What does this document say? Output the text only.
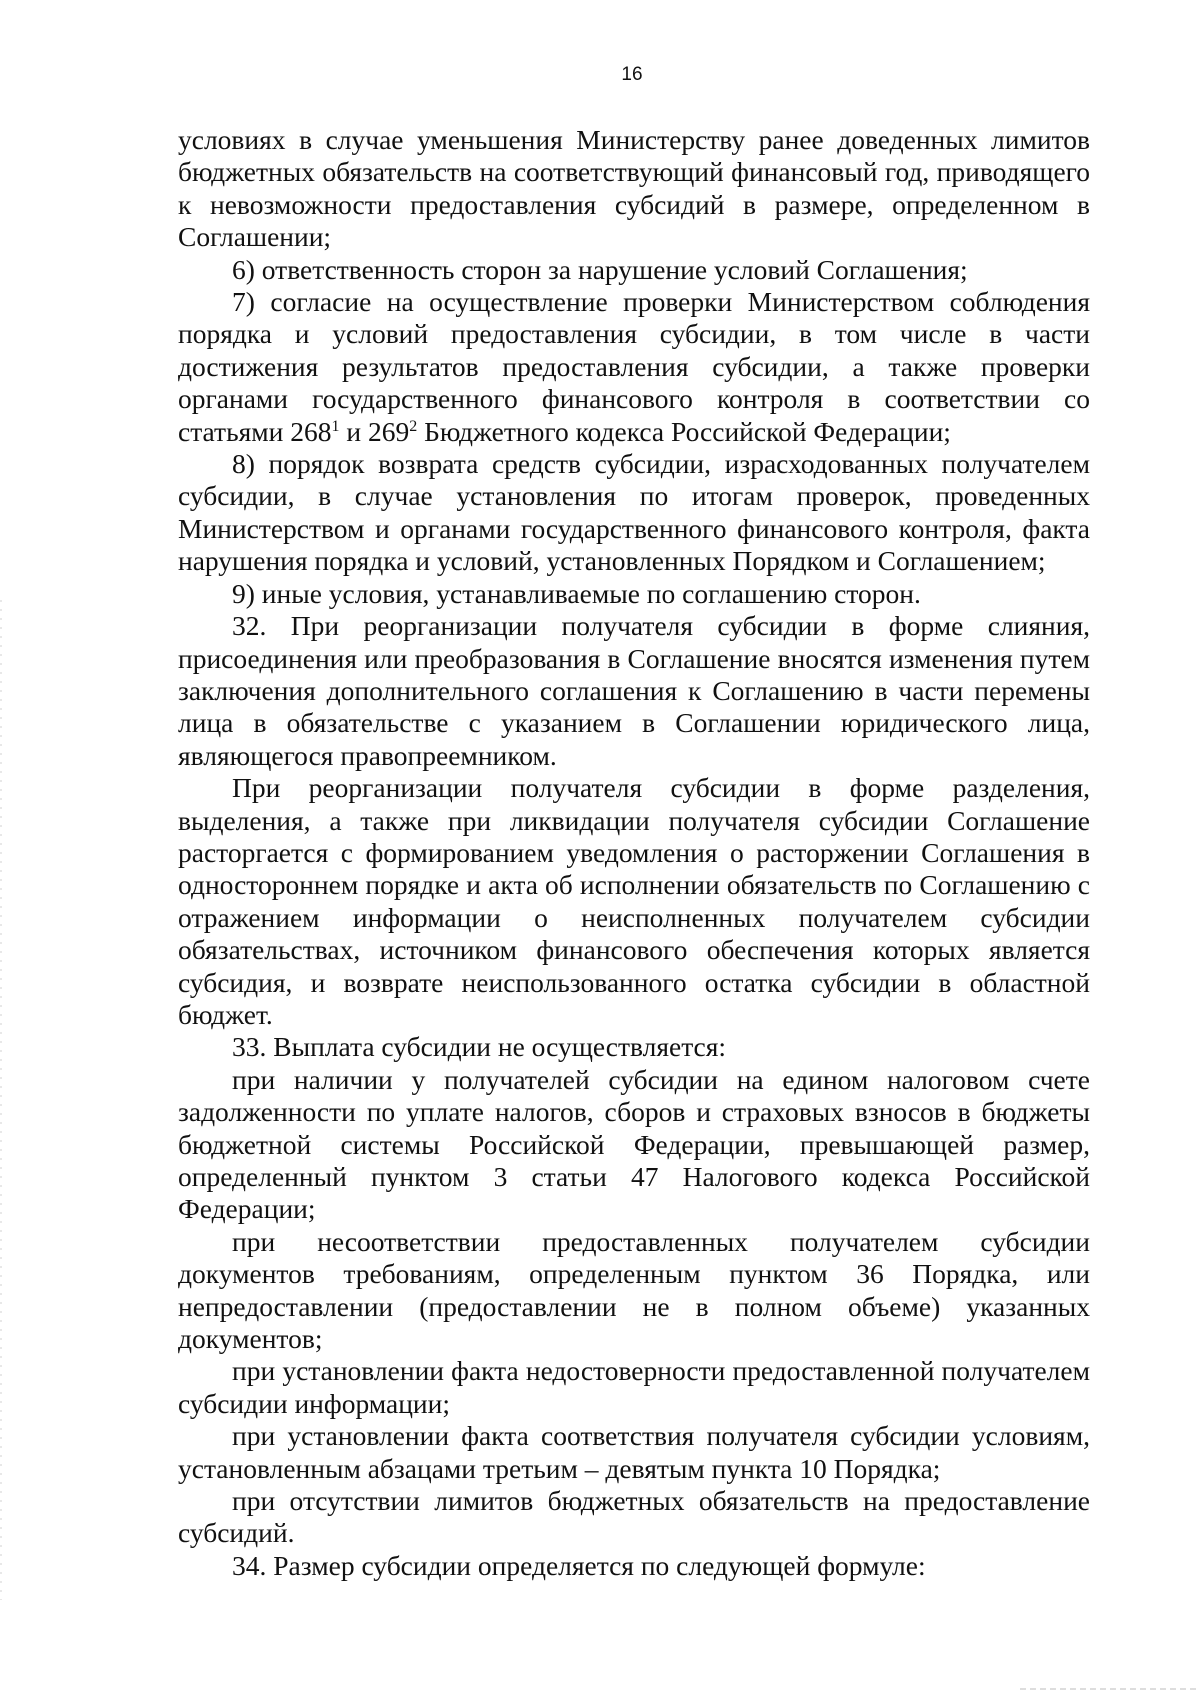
16

условиях в случае уменьшения Министерству ранее доведенных лимитов бюджетных обязательств на соответствующий финансовый год, приводящего к невозможности предоставления субсидий в размере, определенном в Соглашении;

6) ответственность сторон за нарушение условий Соглашения;

7) согласие на осуществление проверки Министерством соблюдения порядка и условий предоставления субсидии, в том числе в части достижения результатов предоставления субсидии, а также проверки органами государственного финансового контроля в соответствии со статьями $268^1$ и $269^2$ Бюджетного кодекса Российской Федерации;

8) порядок возврата средств субсидии, израсходованных получателем субсидии, в случае установления по итогам проверок, проведенных Министерством и органами государственного финансового контроля, факта нарушения порядка и условий, установленных Порядком и Соглашением;

9) иные условия, устанавливаемые по соглашению сторон.

32. При реорганизации получателя субсидии в форме слияния, присоединения или преобразования в Соглашение вносятся изменения путем заключения дополнительного соглашения к Соглашению в части перемены лица в обязательстве с указанием в Соглашении юридического лица, являющегося правопреемником.

При реорганизации получателя субсидии в форме разделения, выделения, а также при ликвидации получателя субсидии Соглашение расторгается с формированием уведомления о расторжении Соглашения в одностороннем порядке и акта об исполнении обязательств по Соглашению с отражением информации о неисполненных получателем субсидии обязательствах, источником финансового обеспечения которых является субсидия, и возврате неиспользованного остатка субсидии в областной бюджет.

33. Выплата субсидии не осуществляется:

при наличии у получателей субсидии на едином налоговом счете задолженности по уплате налогов, сборов и страховых взносов в бюджеты бюджетной системы Российской Федерации, превышающей размер, определенный пунктом 3 статьи 47 Налогового кодекса Российской Федерации;

при несоответствии предоставленных получателем субсидии документов требованиям, определенным пунктом 36 Порядка, или непредоставлении (предоставлении не в полном объеме) указанных документов;

при установлении факта недостоверности предоставленной получателем субсидии информации;

при установлении факта соответствия получателя субсидии условиям, установленным абзацами третьим – девятым пункта 10 Порядка;

при отсутствии лимитов бюджетных обязательств на предоставление субсидий.

34. Размер субсидии определяется по следующей формуле:
